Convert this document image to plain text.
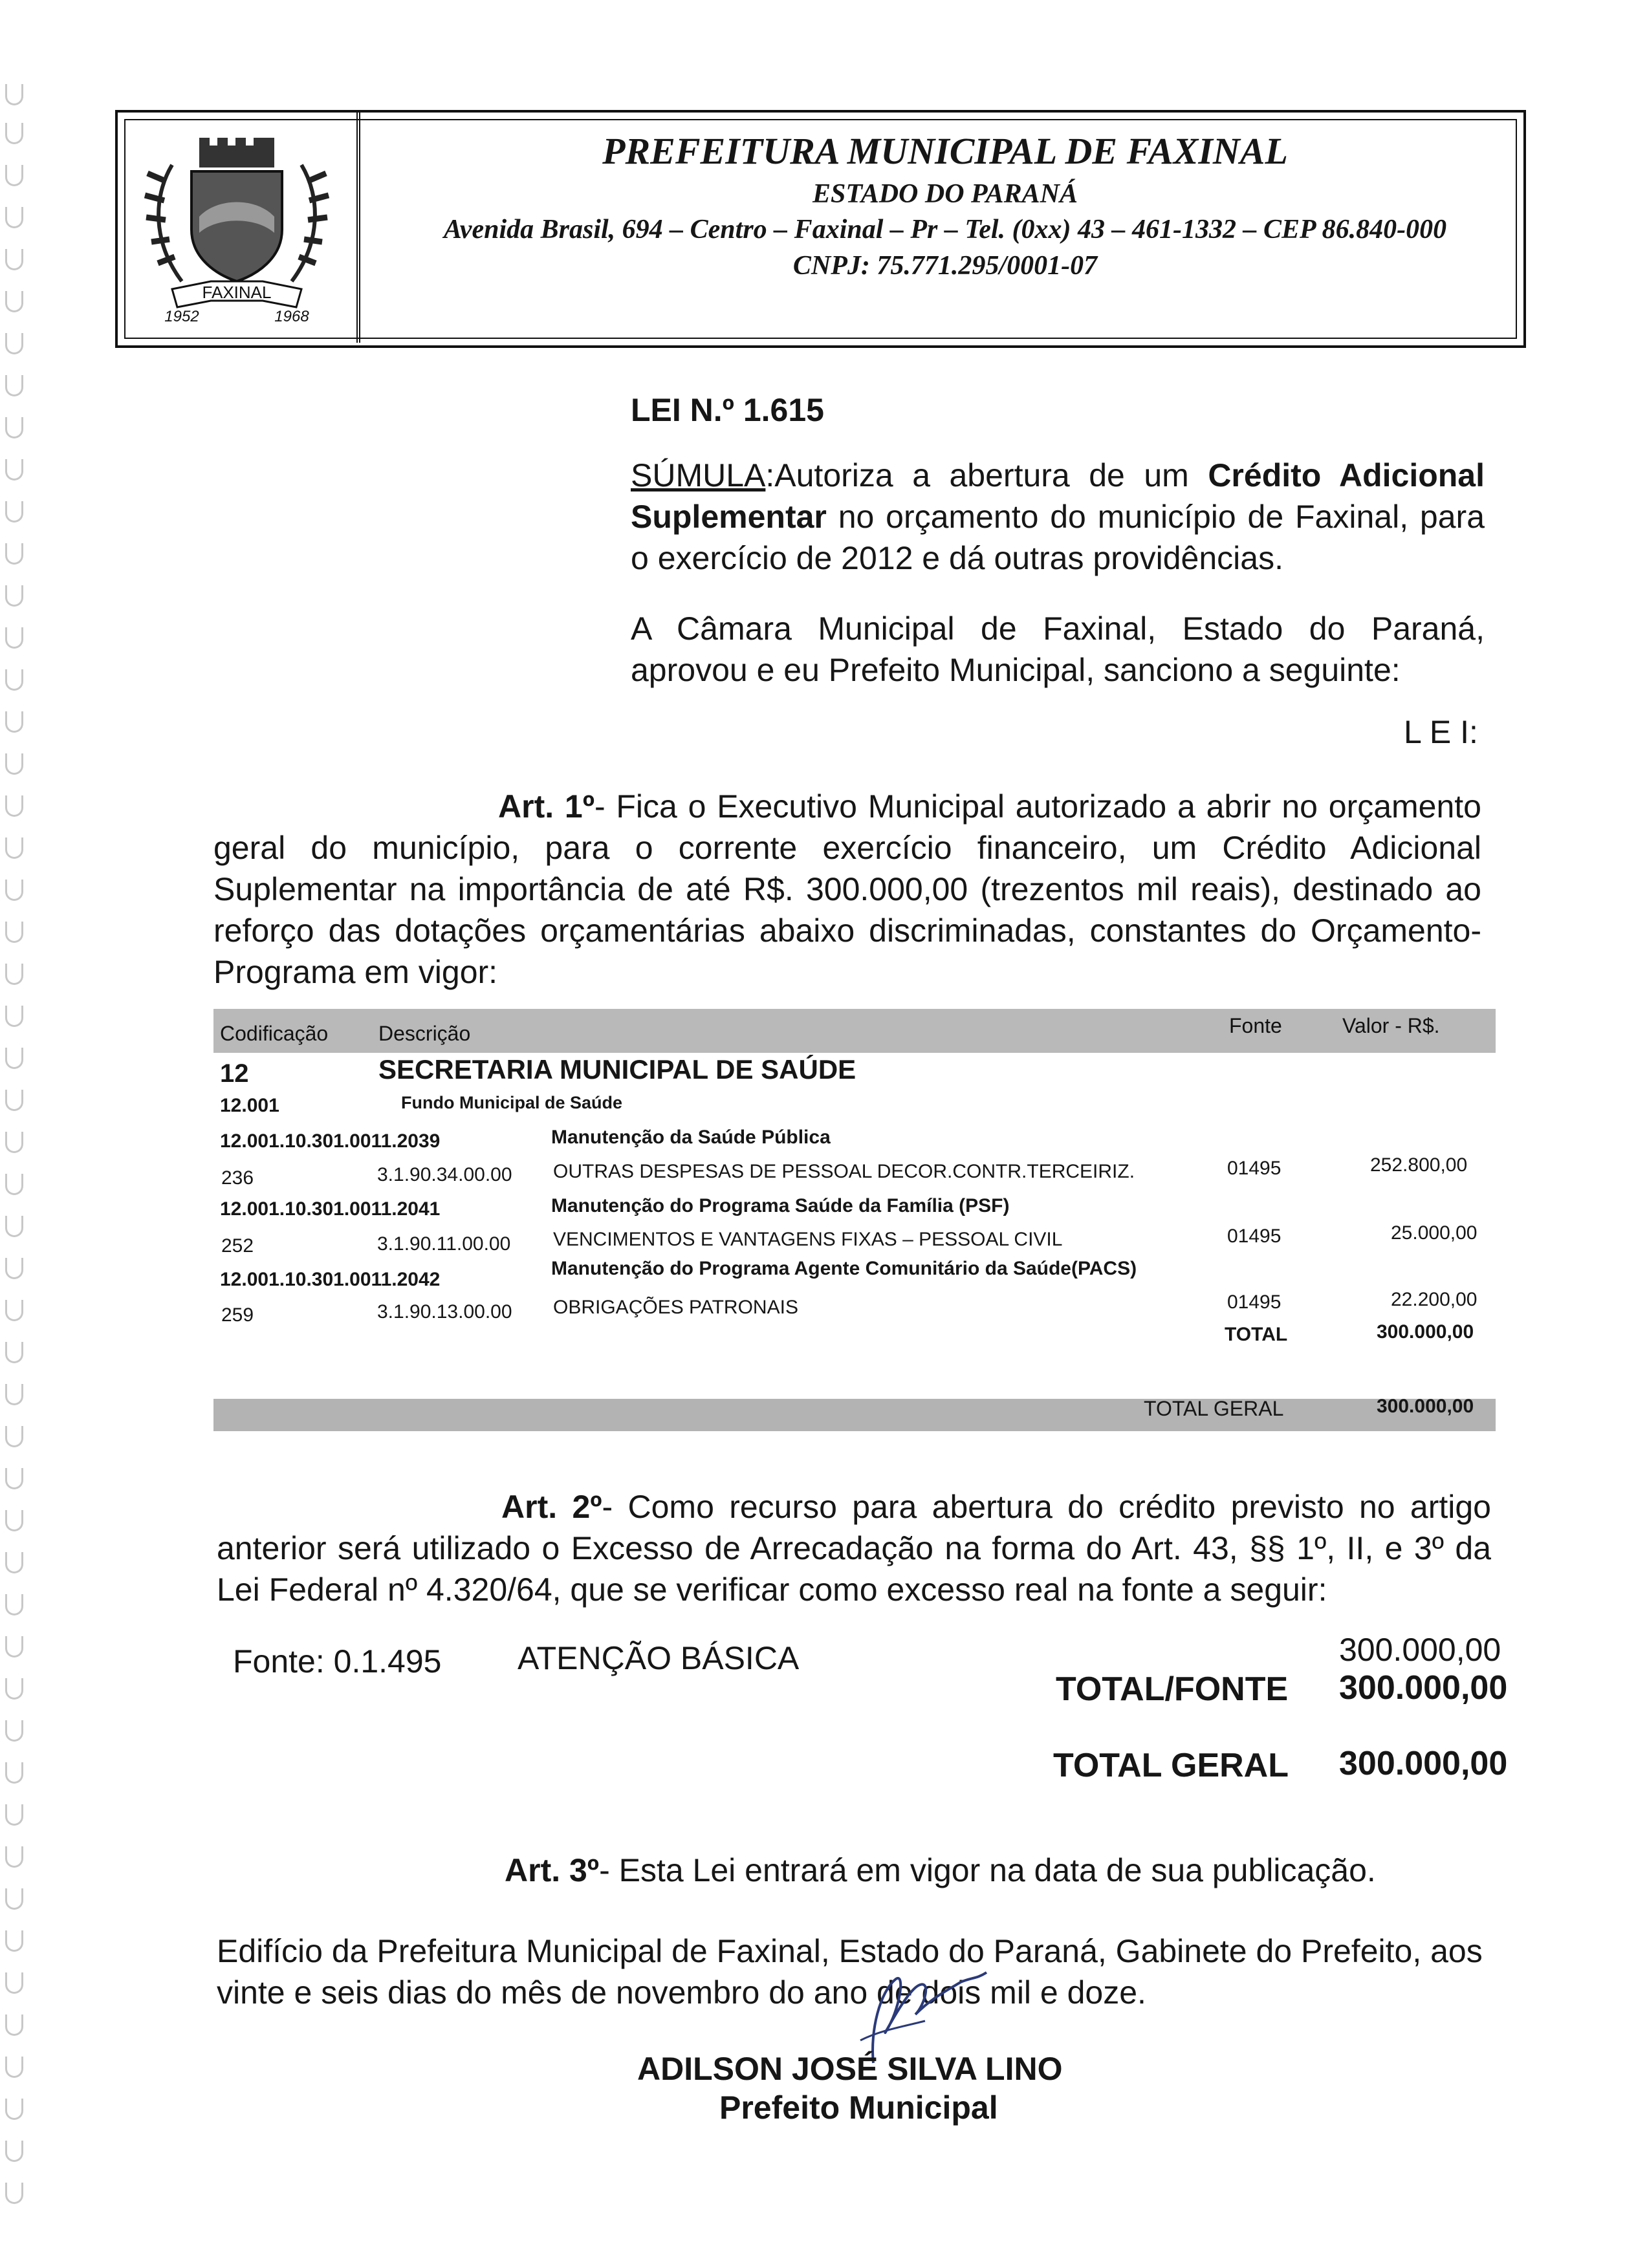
FAXINAL
1952	1968
PREFEITURA MUNICIPAL DE FAXINAL
ESTADO DO PARANÁ
Avenida Brasil, 694 – Centro – Faxinal – Pr – Tel. (0xx) 43 – 461-1332 – CEP 86.840-000
CNPJ: 75.771.295/0001-07
LEI N.º 1.615
SÚMULA:Autoriza a abertura de um Crédito Adicional
Suplementar no orçamento do município de Faxinal, para
o exercício de 2012 e dá outras providências.
A Câmara Municipal de Faxinal, Estado do Paraná,
aprovou e eu Prefeito Municipal, sanciono a seguinte:
L E I:
Art. 1º- Fica o Executivo Municipal autorizado a abrir no orçamento
geral do município, para o corrente exercício financeiro, um Crédito Adicional
Suplementar na importância de até R$. 300.000,00 (trezentos mil reais), destinado ao
reforço das dotações orçamentárias abaixo discriminadas, constantes do Orçamento-
Programa em vigor:
Codificação Descrição	Fonte	Valor - R$.
12	SECRETARIA MUNICIPAL DE SAÚDE
12.001	Fundo Municipal de Saúde
12.001.10.301.0011.2039	Manutenção da Saúde Pública
236	3.1.90.34.00.00 OUTRAS DESPESAS DE PESSOAL DECOR.CONTR.TERCEIRIZ.	01495	252.800,00
12.001.10.301.0011.2041	Manutenção do Programa Saúde da Família (PSF)
252	3.1.90.11.00.00 VENCIMENTOS E VANTAGENS FIXAS – PESSOAL CIVIL	01495	25.000,00
12.001.10.301.0011.2042
Manutenção do Programa Agente Comunitário da Saúde(PACS)
259	3.1.90.13.00.00 OBRIGAÇÕES PATRONAIS	01495	22.200,00
TOTAL	300.000,00
TOTAL GERAL	300.000,00
Art. 2º- Como recurso para abertura do crédito previsto no artigo
anterior será utilizado o Excesso de Arrecadação na forma do Art. 43, §§ 1º, II, e 3º da
Lei Federal nº 4.320/64, que se verificar como excesso real na fonte a seguir:
Fonte: 0.1.495 ATENÇÃO BÁSICA	300.000,00
TOTAL/FONTE 300.000,00
TOTAL GERAL 300.000,00
Art. 3º- Esta Lei entrará em vigor na data de sua publicação.
Edifício da Prefeitura Municipal de Faxinal, Estado do Paraná, Gabinete do Prefeito, aos
vinte e seis dias do mês de novembro do ano de dois mil e doze.
ADILSON JOSÉ SILVA LINO
Prefeito Municipal
